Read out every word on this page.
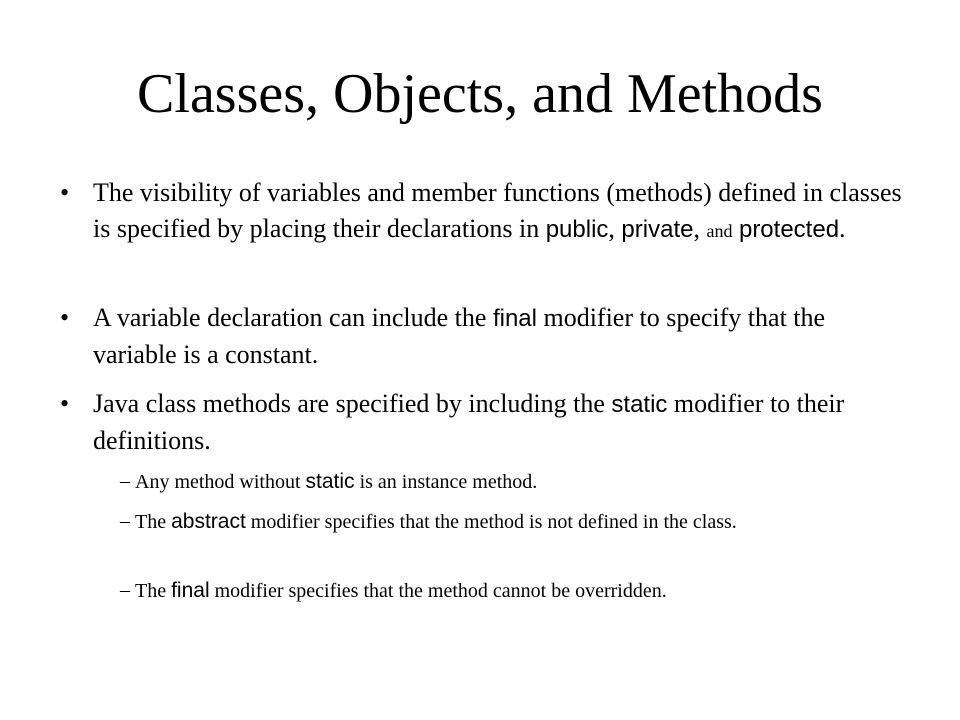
Classes, Objects, and Methods
• The visibility of variables and member functions (methods) defined in classes is specified by placing their declarations in public, private, and protected.
• A variable declaration can include the final modifier to specify that the variable is a constant.
• Java class methods are specified by including the static modifier to their definitions.
– Any method without static is an instance method.
– The abstract modifier specifies that the method is not defined in the class.
– The final modifier specifies that the method cannot be overridden.
